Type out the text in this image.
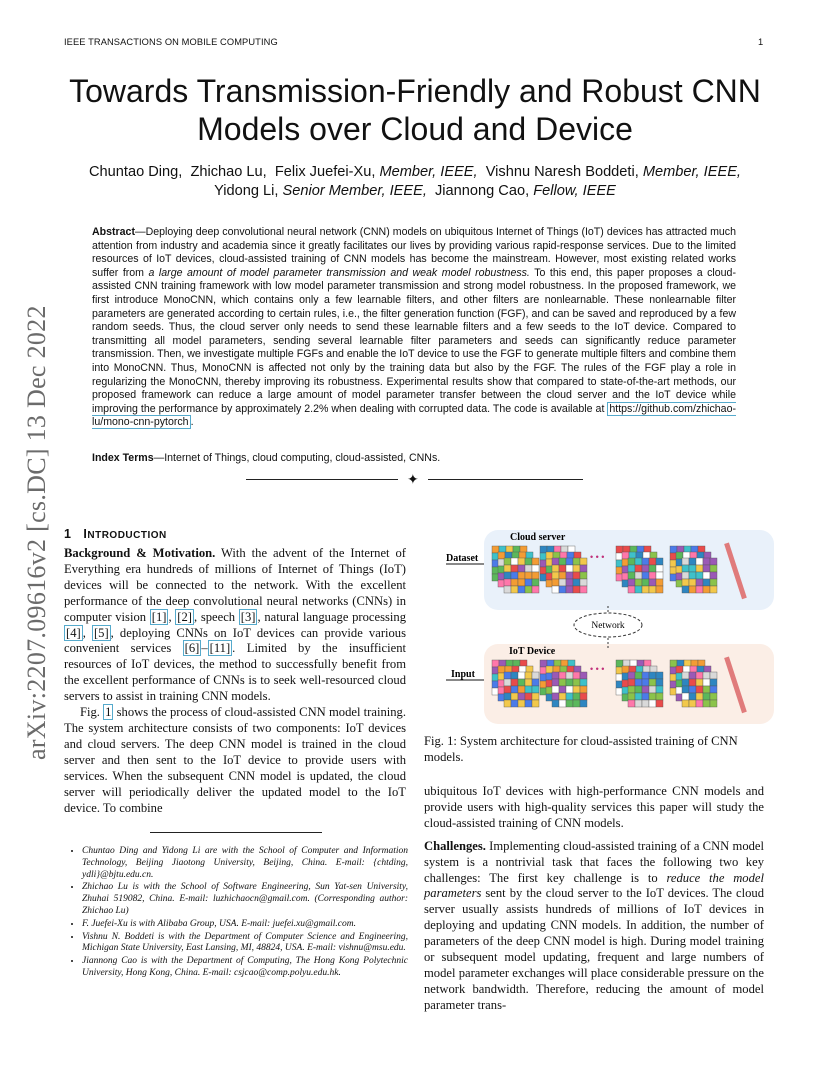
IEEE TRANSACTIONS ON MOBILE COMPUTING	1
arXiv:2207.09616v2 [cs.DC] 13 Dec 2022
Towards Transmission-Friendly and Robust CNN
Models over Cloud and Device
Chuntao Ding, Zhichao Lu, Felix Juefei-Xu, Member, IEEE, Vishnu Naresh Boddeti, Member, IEEE,
Yidong Li, Senior Member, IEEE, Jiannong Cao, Fellow, IEEE
Abstract—Deploying deep convolutional neural network (CNN) models on ubiquitous Internet of Things (IoT) devices has attracted much attention from industry and academia since it greatly facilitates our lives by providing various rapid-response services. Due to the limited resources of IoT devices, cloud-assisted training of CNN models has become the mainstream. However, most existing related works suffer from a large amount of model parameter transmission and weak model robustness. To this end, this paper proposes a cloud-assisted CNN training framework with low model parameter transmission and strong model robustness. In the proposed framework, we first introduce MonoCNN, which contains only a few learnable filters, and other filters are nonlearnable. These nonlearnable filter parameters are generated according to certain rules, i.e., the filter generation function (FGF), and can be saved and reproduced by a few random seeds. Thus, the cloud server only needs to send these learnable filters and a few seeds to the IoT device. Compared to transmitting all model parameters, sending several learnable filter parameters and seeds can significantly reduce parameter transmission. Then, we investigate multiple FGFs and enable the IoT device to use the FGF to generate multiple filters and combine them into MonoCNN. Thus, MonoCNN is affected not only by the training data but also by the FGF. The rules of the FGF play a role in regularizing the MonoCNN, thereby improving its robustness. Experimental results show that compared to state-of-the-art methods, our proposed framework can reduce a large amount of model parameter transfer between the cloud server and the IoT device while improving the performance by approximately 2.2% when dealing with corrupted data. The code is available at https://github.com/zhichao-lu/mono-cnn-pytorch .
Index Terms—Internet of Things, cloud computing, cloud-assisted, CNNs.
✦
1 INTRODUCTION
Background & Motivation. With the advent of the Internet of Everything era hundreds of millions of Internet of Things (IoT) devices will be connected to the network. With the excellent performance of the deep convolutional neural networks (CNNs) in computer vision [1] , [2] , speech [3] , natural language processing [4] , [5] , deploying CNNs on IoT devices can provide various convenient services [6] – [11] . Limited by the insufficient resources of IoT devices, the method to successfully benefit from the excellent performance of CNNs is to seek well-resourced cloud servers to assist in training CNN models.
Fig. 1 shows the process of cloud-assisted CNN model training. The system architecture consists of two components: IoT devices and cloud servers. The deep CNN model is trained in the cloud server and then sent to the IoT device to provide users with services. When the subsequent CNN model is updated, the cloud server will periodically deliver the updated model to the IoT device. To combine
• Chuntao Ding and Yidong Li are with the School of Computer and Information Technology, Beijing Jiaotong University, Beijing, China. E-mail: {chtding, ydli}@bjtu.edu.cn.
• Zhichao Lu is with the School of Software Engineering, Sun Yat-sen University, Zhuhai 519082, China. E-mail: luzhichaocn@gmail.com. (Corresponding author: Zhichao Lu)
• F. Juefei-Xu is with Alibaba Group, USA. E-mail: juefei.xu@gmail.com.
• Vishnu N. Boddeti is with the Department of Computer Science and Engineering, Michigan State University, East Lansing, MI, 48824, USA. E-mail: vishnu@msu.edu.
• Jiannong Cao is with the Department of Computing, The Hong Kong Polytechnic University, Hong Kong, China. E-mail: csjcao@comp.polyu.edu.hk.
Cloud server
IoT Device
Dataset
Input
Network
• • •
• • •
Fig. 1: System architecture for cloud-assisted training of CNN models.
ubiquitous IoT devices with high-performance CNN models and provide users with high-quality services this paper will study the cloud-assisted training of CNN models.
Challenges. Implementing cloud-assisted training of a CNN model system is a nontrivial task that faces the following two key challenges: The first key challenge is to reduce the model parameters sent by the cloud server to the IoT devices. The cloud server usually assists hundreds of millions of IoT devices in deploying and updating CNN models. In addition, the number of parameters of the deep CNN model is high. During model training or subsequent model updating, frequent and large numbers of model parameter exchanges will place considerable pressure on the network bandwidth. Therefore, reducing the amount of model parameter trans-
